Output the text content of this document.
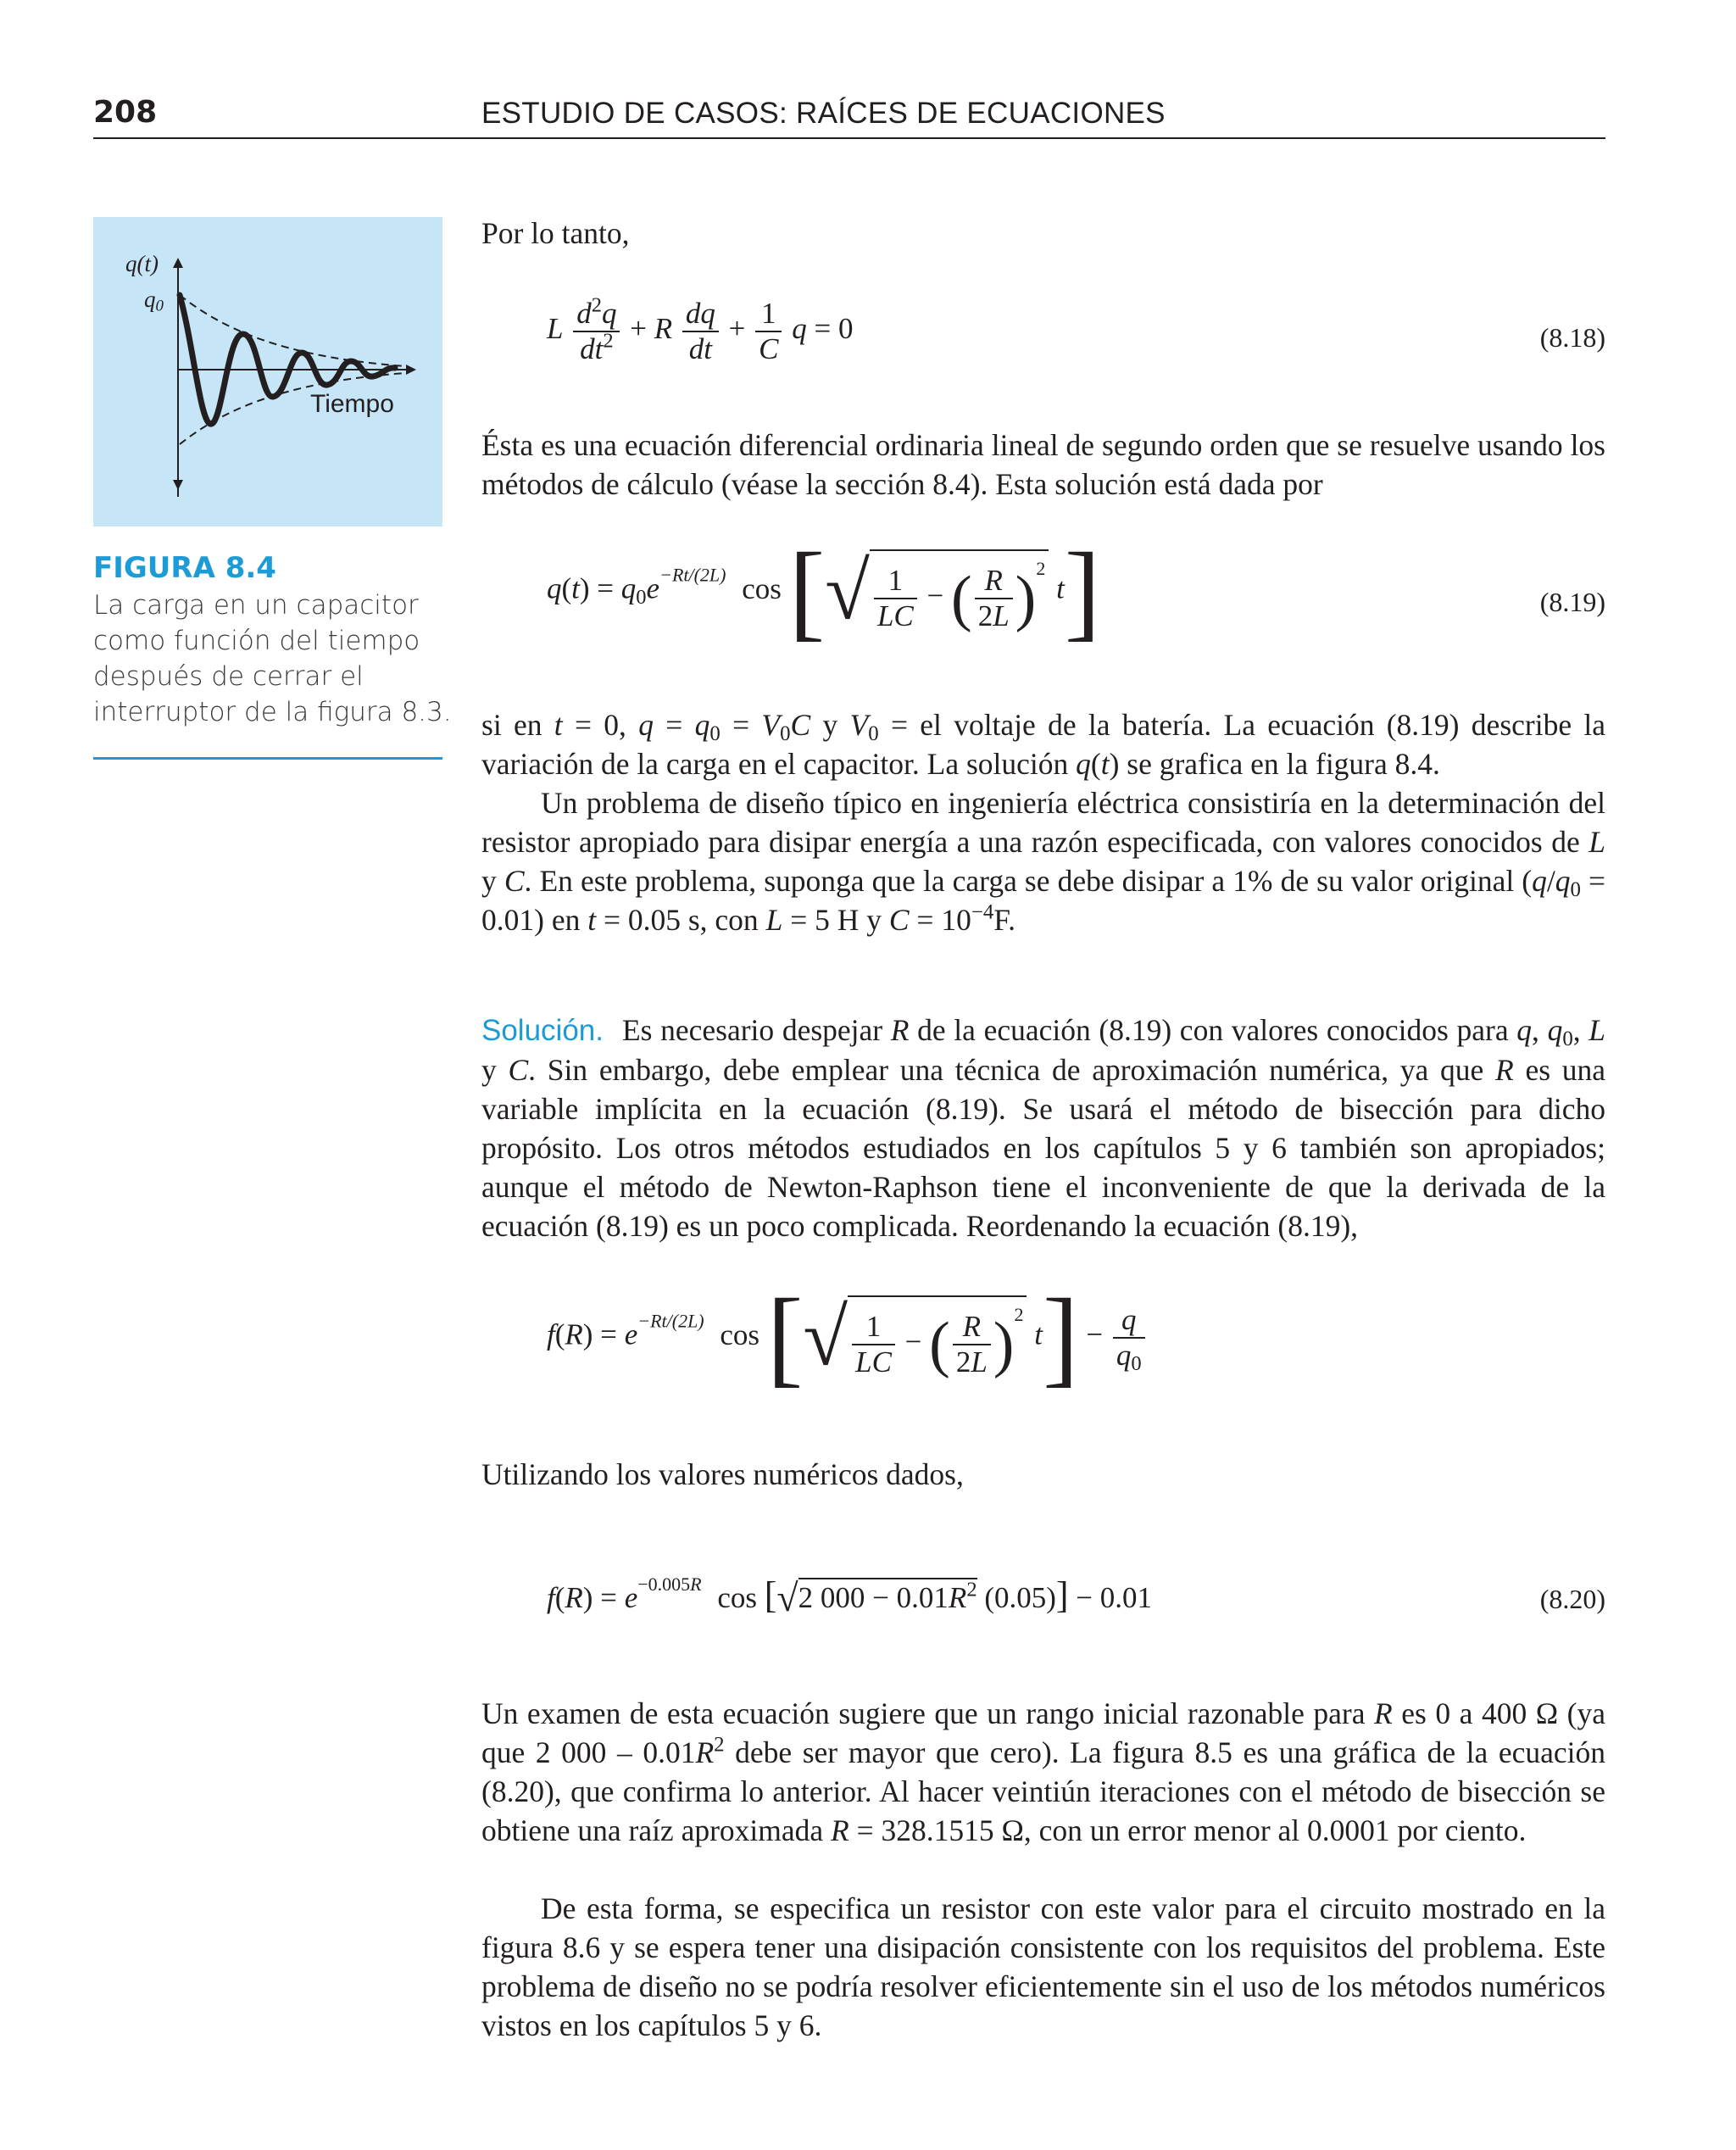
208	ESTUDIO DE CASOS: RAÍCES DE ECUACIONES
q(t)
$q_0$
Tiempo
FIGURA 8.4
La carga en un capacitor
como función del tiempo
después de cerrar el
interruptor de la figura 8.3.
Por lo tanto,
L $\frac{d^2q}{dt^2} + R \frac{dq}{dt} + \frac{1}{C}$ q = 0	(8.18)
Ésta es una ecuación diferencial ordinaria lineal de segundo orden que se resuelve usando los métodos de cálculo (véase la sección 8.4). Esta solución está dada por
$q(t) = q_0e^{-Rt/(2L)}$ cos [√ $\frac{1}{LC}$ − ( $\frac{R}{2L} )^2$ t]	(8.19)
si en t = 0, $q = q_0 = V_0C$ y $V_0$ = el voltaje de la batería. La ecuación (8.19) describe la variación de la carga en el capacitor. La solución q(t) se grafica en la figura 8.4.
Un problema de diseño típico en ingeniería eléctrica consistiría en la determinación del resistor apropiado para disipar energía a una razón especificada, con valores conocidos de L y C. En este problema, suponga que la carga se debe disipar a 1% de su valor original $(q/q_0 = 0.01)$ en t = 0.05 s, con L = 5 H y $C = 10^{-4}F$.
Solución. Es necesario despejar R de la ecuación (8.19) con valores conocidos para q, $q_0$, L y C. Sin embargo, debe emplear una técnica de aproximación numérica, ya que R es una variable implícita en la ecuación (8.19). Se usará el método de bisección para dicho propósito. Los otros métodos estudiados en los capítulos 5 y 6 también son apropiados; aunque el método de Newton-Raphson tiene el inconveniente de que la derivada de la ecuación (8.19) es un poco complicada. Reordenando la ecuación (8.19),
$f(R) = e^{-Rt/(2L)}$ cos [√ $\frac{1}{LC}$ − ( $\frac{R}{2L} )^2$ $t] - \frac{q}{q_0}$
Utilizando los valores numéricos dados,
$f(R) = e^{-0.005R}$ cos [√2 $000 - 0.01R^2$ (0.05)] − 0.01	(8.20)
Un examen de esta ecuación sugiere que un rango inicial razonable para R es 0 a 400 Ω (ya que 2 $000 - 0.01R^2$ debe ser mayor que cero). La figura 8.5 es una gráfica de la ecuación (8.20), que confirma lo anterior. Al hacer veintiún iteraciones con el método de bisección se obtiene una raíz aproximada R = 328.1515 Ω, con un error menor al 0.0001 por ciento.
De esta forma, se especifica un resistor con este valor para el circuito mostrado en la figura 8.6 y se espera tener una disipación consistente con los requisitos del problema. Este problema de diseño no se podría resolver eficientemente sin el uso de los métodos numéricos vistos en los capítulos 5 y 6.
